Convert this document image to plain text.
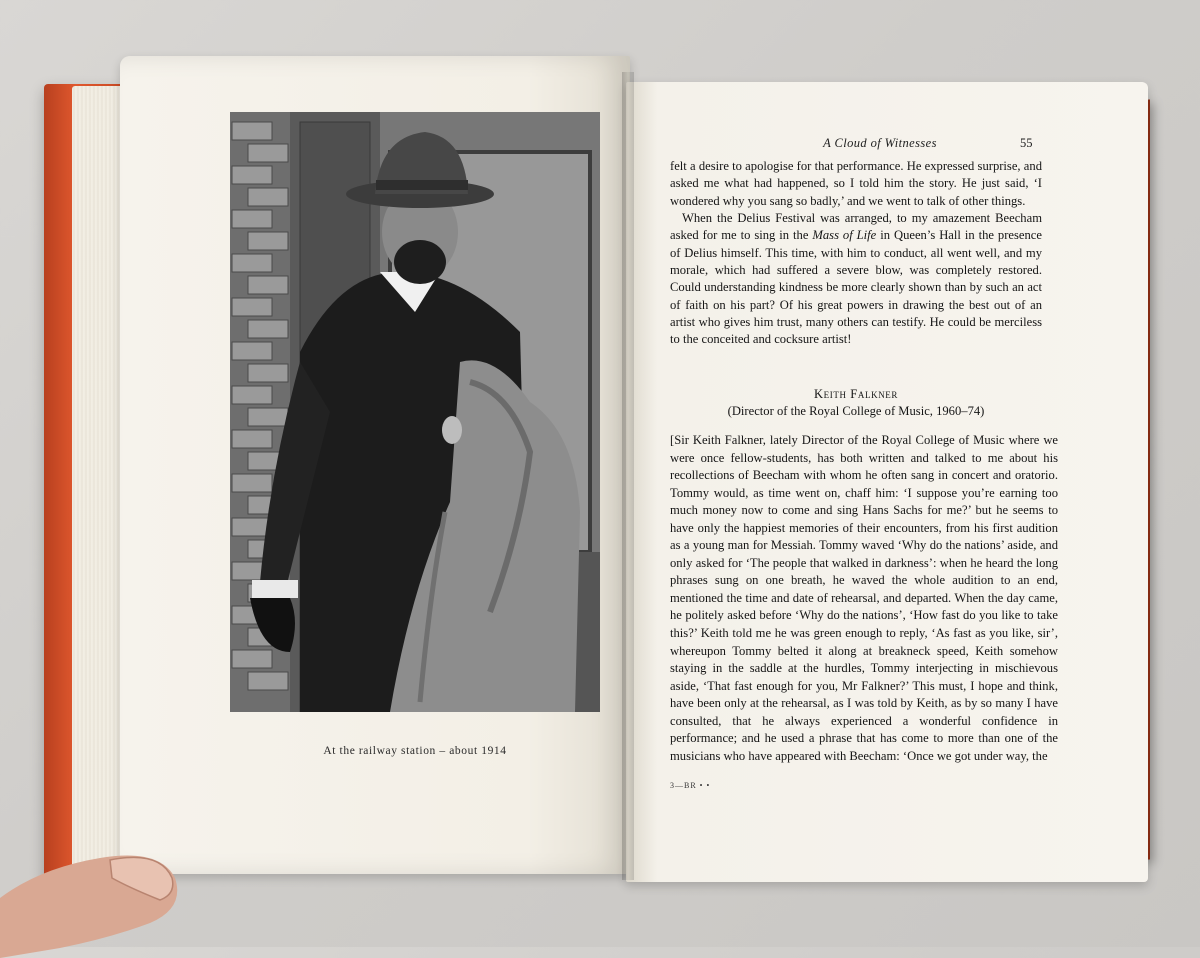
At the railway station – about 1914
A Cloud of Witnesses	55

felt a desire to apologise for that performance. He expressed surprise, and asked me what had happened, so I told him the story. He just said, ‘I wondered why you sang so badly,’ and we went to talk of other things.

When the Delius Festival was arranged, to my amazement Beecham asked for me to sing in the Mass of Life in Queen’s Hall in the presence of Delius himself. This time, with him to conduct, all went well, and my morale, which had suffered a severe blow, was completely restored. Could understanding kindness be more clearly shown than by such an act of faith on his part? Of his great powers in drawing the best out of an artist who gives him trust, many others can testify. He could be merciless to the conceited and cocksure artist!

Keith Falkner
(Director of the Royal College of Music, 1960–74)

[Sir Keith Falkner, lately Director of the Royal College of Music where we were once fellow-students, has both written and talked to me about his recollections of Beecham with whom he often sang in concert and oratorio. Tommy would, as time went on, chaff him: ‘I suppose you’re earning too much money now to come and sing Hans Sachs for me?’ but he seems to have only the happiest memories of their encounters, from his first audition as a young man for Messiah. Tommy waved ‘Why do the nations’ aside, and only asked for ‘The people that walked in darkness’: when he heard the long phrases sung on one breath, he waved the whole audition to an end, mentioned the time and date of rehearsal, and departed. When the day came, he politely asked before ‘Why do the nations’, ‘How fast do you like to take this?’ Keith told me he was green enough to reply, ‘As fast as you like, sir’, whereupon Tommy belted it along at breakneck speed, Keith somehow staying in the saddle at the hurdles, Tommy interjecting in mischievous aside, ‘That fast enough for you, Mr Falkner?’ This must, I hope and think, have been only at the rehearsal, as I was told by Keith, as by so many I have consulted, that he always experienced a wonderful confidence in performance; and he used a phrase that has come to more than one of the musicians who have appeared with Beecham: ‘Once we got under way, the

3—BR • •
